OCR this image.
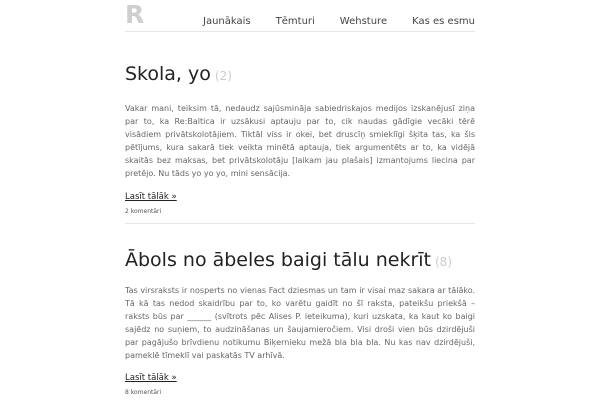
R	Jaunākais	Tēmturi	Wehsture	Kas es esmu
Skola, yo (2)

Vakar mani, teiksim tā, nedaudz sajūsmināja sabiedriskajos medijos izskanējusī ziņa par to, ka Re:Baltica ir uzsākusi aptauju par to, cik naudas gādīgie vecāki tērē visādiem privātskolotājiem. Tiktāl viss ir okei, bet druscīņ smieklīgi šķita tas, ka šis pētījums, kura sakarā tiek veikta minētā aptauja, tiek argumentēts ar to, ka vidējā skaitās bez maksas, bet privātskolotāju [laikam jau plašais] izmantojums liecina par pretējo. Nu tāds yo yo yo, mini sensācija.

Lasīt tālāk »
2 komentāri
Ābols no ābeles baigi tālu nekrīt (8)

Tas virsraksts ir nosperts no vienas Fact dziesmas un tam ir visai maz sakara ar tālāko. Tā kā tas nedod skaidrību par to, ko varētu gaidīt no šī raksta, pateikšu priekšā – raksts būs par ______ (svītrots pēc Alises P. ieteikuma), kuri uzskata, ka kaut ko baigi sajēdz no suņiem, to audzināšanas un šaujamieročiem. Visi droši vien būs dzirdējuši par pagājušo brīvdienu notikumu Biķernieku mežā bla bla bla. Nu kas nav dzirdējuši, pameklē tīmeklī vai paskatās TV arhīvā.

Lasīt tālāk »
8 komentāri
